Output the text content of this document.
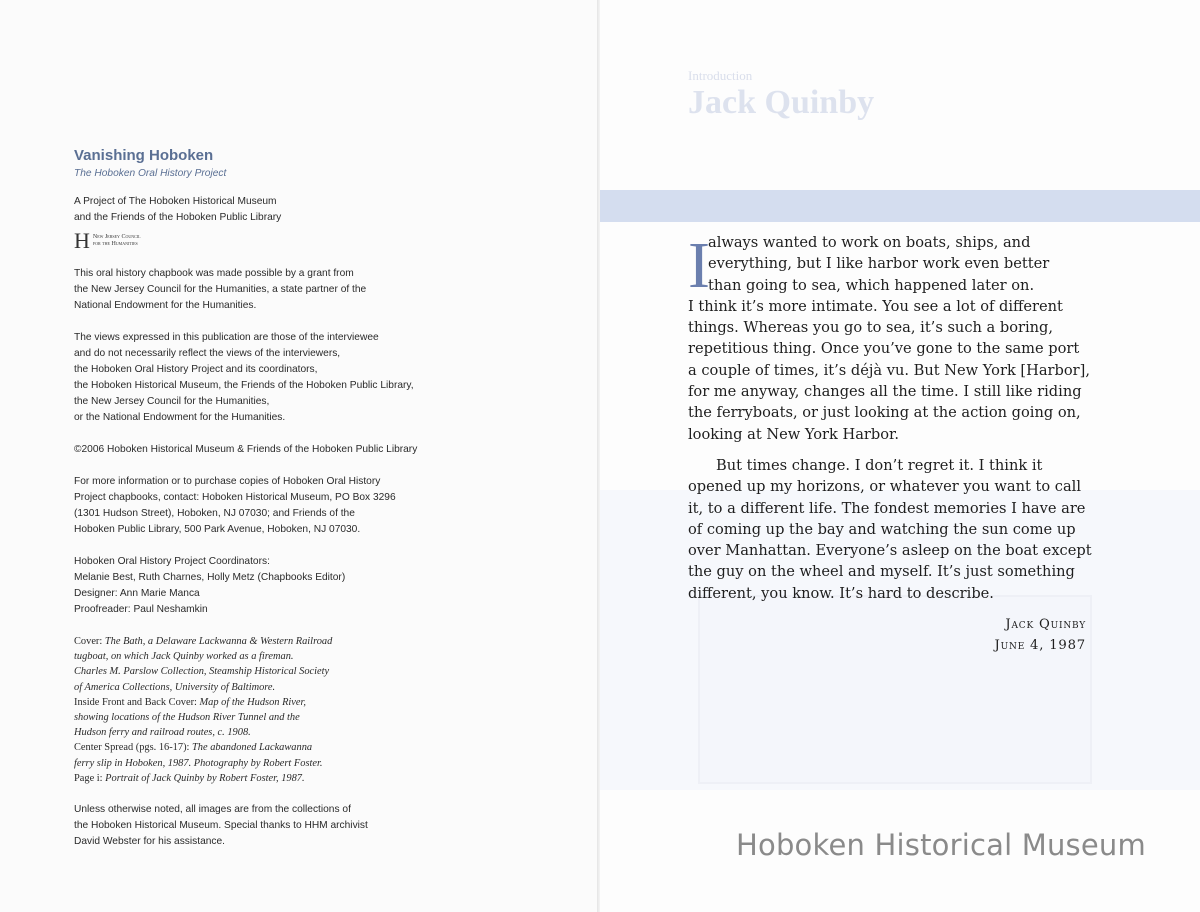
Vanishing Hoboken
The Hoboken Oral History Project
A Project of The Hoboken Historical Museum
and the Friends of the Hoboken Public Library
H New Jersey Council
for the Humanities
This oral history chapbook was made possible by a grant from
the New Jersey Council for the Humanities, a state partner of the
National Endowment for the Humanities.
The views expressed in this publication are those of the interviewee
and do not necessarily reflect the views of the interviewers,
the Hoboken Oral History Project and its coordinators,
the Hoboken Historical Museum, the Friends of the Hoboken Public Library,
the New Jersey Council for the Humanities,
or the National Endowment for the Humanities.
©2006 Hoboken Historical Museum & Friends of the Hoboken Public Library
For more information or to purchase copies of Hoboken Oral History
Project chapbooks, contact: Hoboken Historical Museum, PO Box 3296
(1301 Hudson Street), Hoboken, NJ 07030; and Friends of the
Hoboken Public Library, 500 Park Avenue, Hoboken, NJ 07030.
Hoboken Oral History Project Coordinators:
Melanie Best, Ruth Charnes, Holly Metz (Chapbooks Editor)
Designer: Ann Marie Manca
Proofreader: Paul Neshamkin
Cover: The Bath, a Delaware Lackwanna & Western Railroad
tugboat, on which Jack Quinby worked as a fireman.
Charles M. Parslow Collection, Steamship Historical Society
of America Collections, University of Baltimore.
Inside Front and Back Cover: Map of the Hudson River,
showing locations of the Hudson River Tunnel and the
Hudson ferry and railroad routes, c. 1908.
Center Spread (pgs. 16-17): The abandoned Lackawanna
ferry slip in Hoboken, 1987. Photography by Robert Foster.
Page i: Portrait of Jack Quinby by Robert Foster, 1987.
Unless otherwise noted, all images are from the collections of
the Hoboken Historical Museum. Special thanks to HHM archivist
David Webster for his assistance.
Introduction
Jack Quinby
I

always wanted to work on boats, ships, and
everything, but I like harbor work even better
than going to sea, which happened later on.
I think it’s more intimate. You see a lot of different
things. Whereas you go to sea, it’s such a boring,
repetitious thing. Once you’ve gone to the same port
a couple of times, it’s déjà vu. But New York [Harbor],
for me anyway, changes all the time. I still like riding
the ferryboats, or just looking at the action going on,
looking at New York Harbor.

But times change. I don’t regret it. I think it
opened up my horizons, or whatever you want to call
it, to a different life. The fondest memories I have are
of coming up the bay and watching the sun come up
over Manhattan. Everyone’s asleep on the boat except
the guy on the wheel and myself. It’s just something
different, you know. It’s hard to describe.

Jack Quinby
June 4, 1987
Hoboken Historical Museum
